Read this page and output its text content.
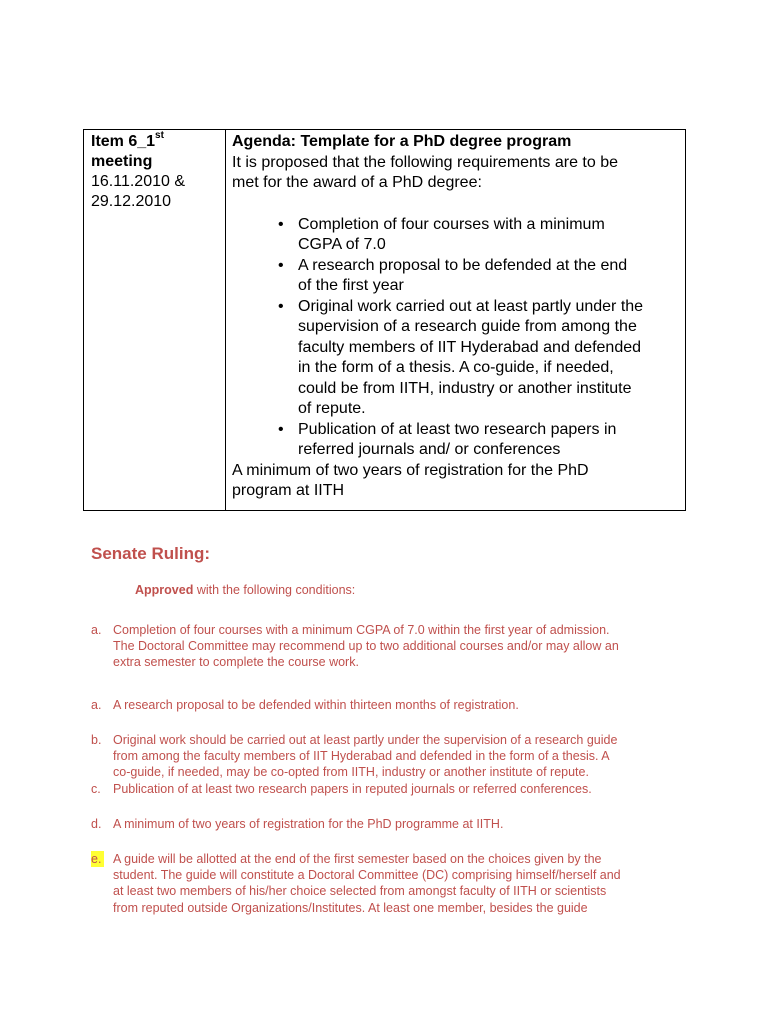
Item 6_1st
meeting
16.11.2010 &
29.12.2010
Agenda: Template for a PhD degree program
It is proposed that the following requirements are to be
met for the award of a PhD degree:
• Completion of four courses with a minimum
CGPA of 7.0
• A research proposal to be defended at the end
of the first year
• Original work carried out at least partly under the
supervision of a research guide from among the
faculty members of IIT Hyderabad and defended
in the form of a thesis. A co-guide, if needed,
could be from IITH, industry or another institute
of repute.
• Publication of at least two research papers in
referred journals and/ or conferences
A minimum of two years of registration for the PhD
program at IITH
Senate Ruling:
Approved with the following conditions:
a. Completion of four courses with a minimum CGPA of 7.0 within the first year of admission.
The Doctoral Committee may recommend up to two additional courses and/or may allow an
extra semester to complete the course work.
a. A research proposal to be defended within thirteen months of registration.
b. Original work should be carried out at least partly under the supervision of a research guide
from among the faculty members of IIT Hyderabad and defended in the form of a thesis. A
co-guide, if needed, may be co-opted from IITH, industry or another institute of repute.
c. Publication of at least two research papers in reputed journals or referred conferences.
d. A minimum of two years of registration for the PhD programme at IITH.
e. A guide will be allotted at the end of the first semester based on the choices given by the
student. The guide will constitute a Doctoral Committee (DC) comprising himself/herself and
at least two members of his/her choice selected from amongst faculty of IITH or scientists
from reputed outside Organizations/Institutes. At least one member, besides the guide
